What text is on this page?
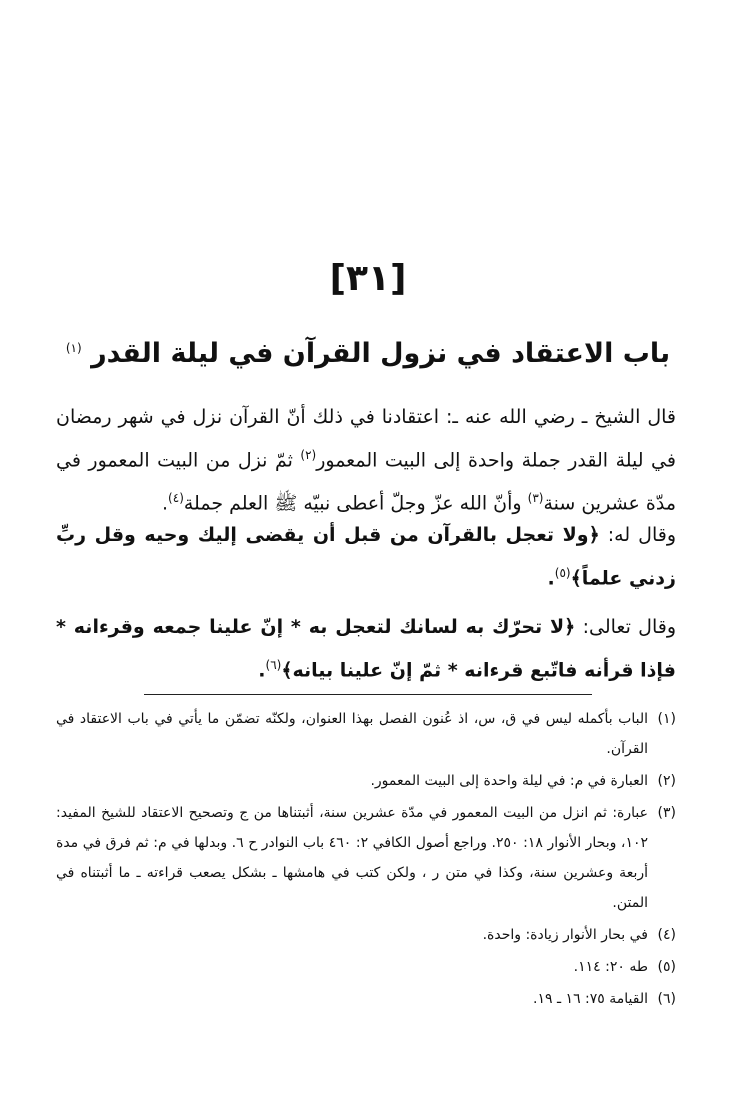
[٣١]
باب الاعتقاد في نزول القرآن في ليلة القدر $^{(١)}$

قال الشيخ ـ رضي الله عنه ـ: اعتقادنا في ذلك أنّ القرآن نزل في شهر رمضان في ليلة القدر جملة واحدة إلى البيت المعمور$^{(٢)}$ ثمّ نزل من البيت المعمور في مدّة عشرين سنة$^{(٣)}$ وأنّ الله عزّ وجلّ أعطى نبيّه ﷺ العلم جملة$^{(٤)}$.

وقال له: ﴿ولا تعجل بالقرآن من قبل أن يقضى إليك وحيه وقل ربِّ زدني علماً﴾$^{(٥)}$.

وقال تعالى: ﴿لا تحرّك به لسانك لتعجل به * إنّ علينا جمعه وقرءانه * فإذا قرأنه فاتّبع قرءانه * ثمّ إنّ علينا بيانه﴾$^{(٦)}$.

(١)الباب بأكمله ليس في ق، س، اذ عُنون الفصل بهذا العنوان، ولكنّه تضمّن ما يأتي في باب الاعتقاد في القرآن.
(٢)العبارة في م: في ليلة واحدة إلى البيت المعمور.
(٣)عبارة: ثم انزل من البيت المعمور في مدّة عشرين سنة، أثبتناها من ج وتصحيح الاعتقاد للشيخ المفيد: ١٠٢، وبحار الأنوار ١٨: ٢٥٠. وراجع أصول الكافي ٢: ٤٦٠ باب النوادر ح ٦. وبدلها في م: ثم فرق في مدة أربعة وعشرين سنة، وكذا في متن ر ، ولكن كتب في هامشها ـ بشكل يصعب قراءته ـ ما أثبتناه في المتن.
(٤)في بحار الأنوار زيادة: واحدة.
(٥)طه ٢٠: ١١٤.
(٦)القيامة ٧٥: ١٦ ـ ١٩.
